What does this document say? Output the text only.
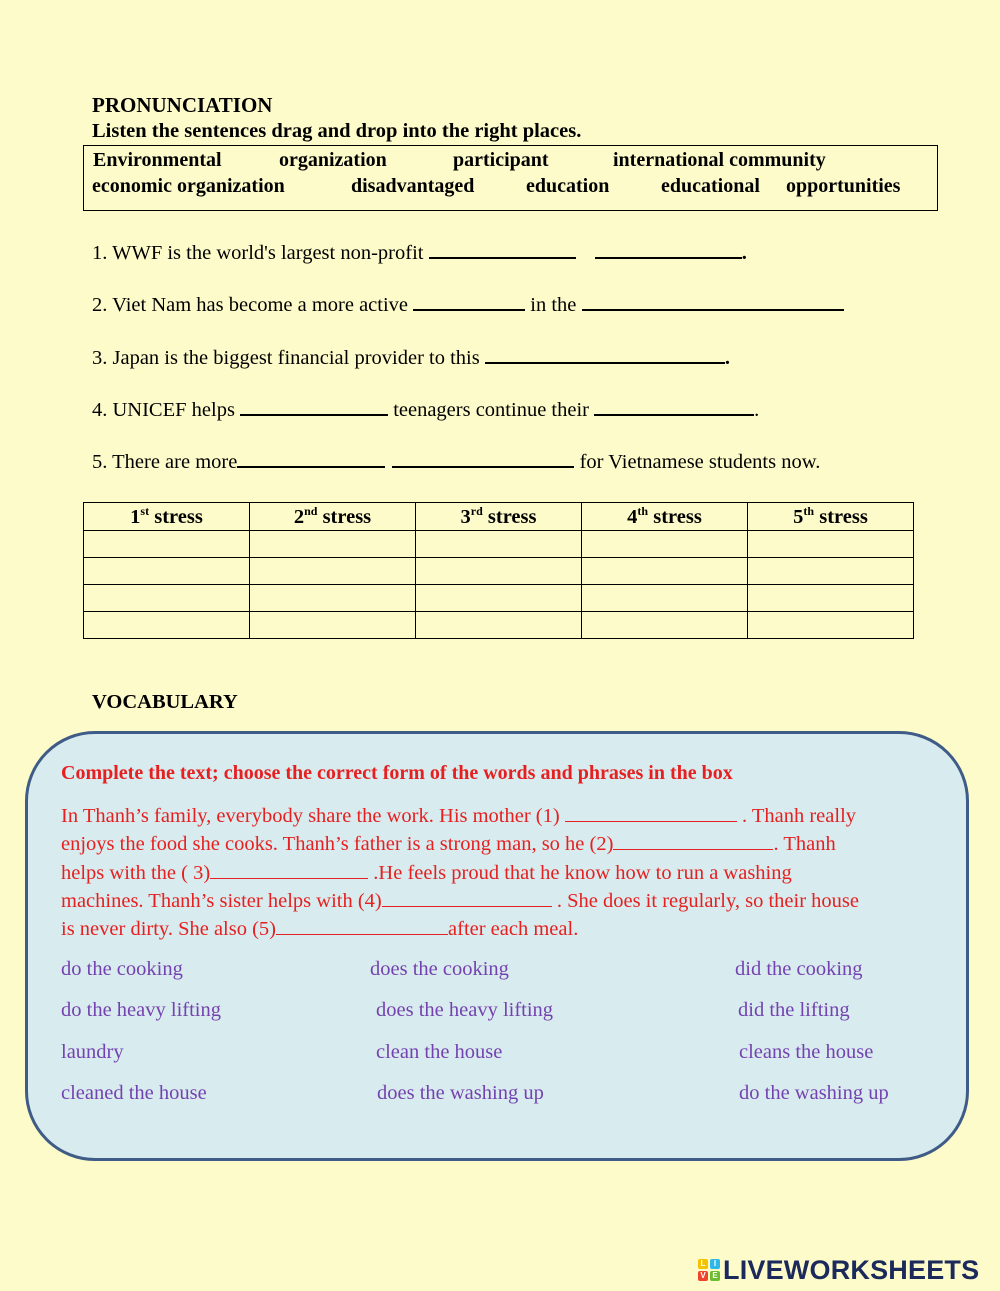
PRONUNCIATION
Listen the sentences drag and drop into the right places.
Environmental	organization	participant	international community
economic organization	disadvantaged	education	educational opportunities
1. WWF is the world's largest non-profit	.
2. Viet Nam has become a more active	in the
3. Japan is the biggest financial provider to this	.
4. UNICEF helps	teenagers continue their	.
5. There are more	for Vietnamese students now.
1st stress	2nd stress	3rd stress	4th stress	5th stress

VOCABULARY
Complete the text; choose the correct form of the words and phrases in the box
In Thanh’s family, everybody share the work. His mother (1)	. Thanh really
enjoys the food she cooks. Thanh’s father is a strong man, so he (2)	. Thanh
helps with the ( 3)	.He feels proud that he know how to run a washing
machines. Thanh’s sister helps with (4)	. She does it regularly, so their house
is never dirty. She also (5)	after each meal.
do the cooking	does the cooking	did the cooking
do the heavy lifting	does the heavy lifting	did the lifting
laundry	clean the house	cleans the house
cleaned the house	does the washing up	do the washing up
L	I
V E LIVEWORKSHEETS
